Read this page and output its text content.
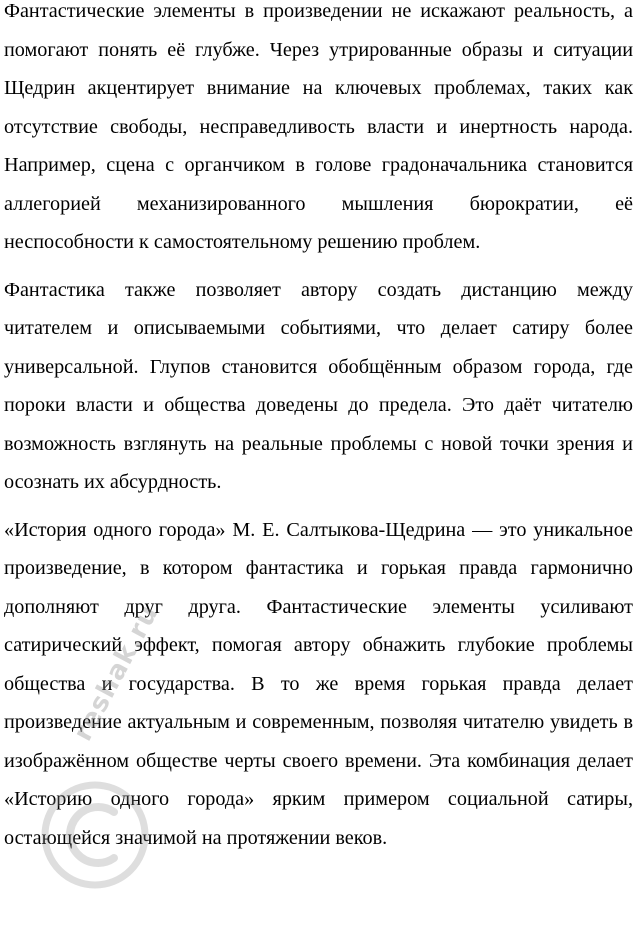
Фантастические элементы в произведении не искажают реальность, а помогают понять её глубже. Через утрированные образы и ситуации Щедрин акцентирует внимание на ключевых проблемах, таких как отсутствие свободы, несправедливость власти и инертность народа. Например, сцена с органчиком в голове градоначальника становится аллегорией механизированного мышления бюрократии, её неспособности к самостоятельному решению проблем.

Фантастика также позволяет автору создать дистанцию между читателем и описываемыми событиями, что делает сатиру более универсальной. Глупов становится обобщённым образом города, где пороки власти и общества доведены до предела. Это даёт читателю возможность взглянуть на реальные проблемы с новой точки зрения и осознать их абсурдность.

«История одного города» М. Е. Салтыкова-Щедрина — это уникальное произведение, в котором фантастика и горькая правда гармонично дополняют друг друга. Фантастические элементы усиливают сатирический эффект, помогая автору обнажить глубокие проблемы общества и государства. В то же время горькая правда делает произведение актуальным и современным, позволяя читателю увидеть в изображённом обществе черты своего времени. Эта комбинация делает «Историю одного города» ярким примером социальной сатиры, остающейся значимой на протяжении веков.

reshak.ru
